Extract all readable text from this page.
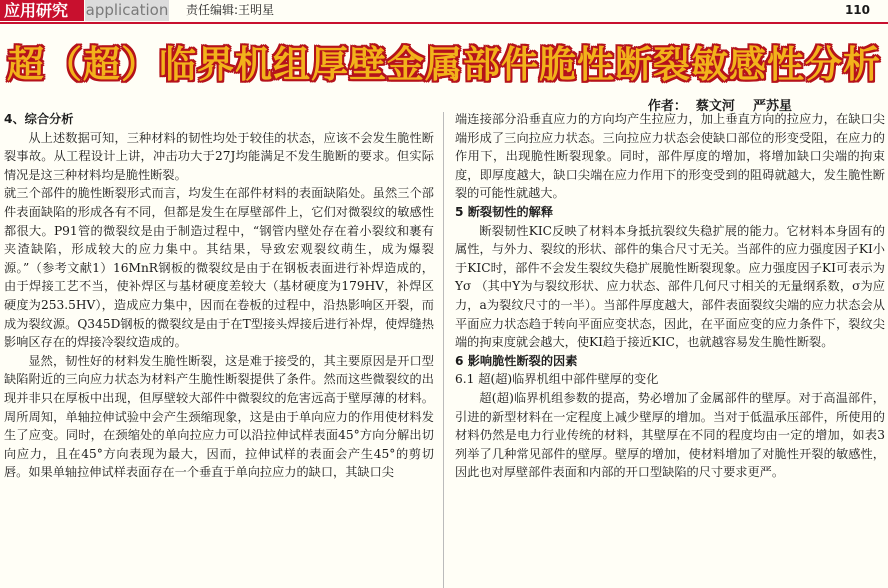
应用研究	application 责任编辑:王明星	110
超（超）临界机组厚壁金属部件脆性断裂敏感性分析
作者：  蔡文河    严苏星
4、综合分析

从上述数据可知，三种材料的韧性均处于较佳的状态，应该不会发生脆性断裂事故。从工程设计上讲，冲击功大于27J均能满足不发生脆断的要求。但实际情况是这三种材料均是脆性断裂。

就三个部件的脆性断裂形式而言，均发生在部件材料的表面缺陷处。虽然三个部件表面缺陷的形成各有不同，但都是发生在厚壁部件上，它们对微裂纹的敏感性都很大。P91管的微裂纹是由于制造过程中，“钢管内壁处存在着小裂纹和裹有夹渣缺陷，形成较大的应力集中。其结果，导致宏观裂纹萌生，成为爆裂源。”（参考文献1）16MnR钢板的微裂纹是由于在钢板表面进行补焊造成的，由于焊接工艺不当，使补焊区与基材硬度差较大（基材硬度为179HV，补焊区硬度为253.5HV），造成应力集中，因而在卷板的过程中，沿热影响区开裂，而成为裂纹源。Q345D钢板的微裂纹是由于在T型接头焊接后进行补焊，使焊缝热影响区存在的焊接冷裂纹造成的。

显然，韧性好的材料发生脆性断裂，这是难于接受的，其主要原因是开口型缺陷附近的三向应力状态为材料产生脆性断裂提供了条件。然而这些微裂纹的出现并非只在厚板中出现，但厚壁较大部件中微裂纹的危害远高于壁厚薄的材料。周所周知，单轴拉伸试验中会产生颈缩现象，这是由于单向应力的作用使材料发生了应变。同时，在颈缩处的单向拉应力可以沿拉伸试样表面45°方向分解出切向应力，且在45°方向表现为最大，因而，拉伸试样的表面会产生45°的剪切唇。如果单轴拉伸试样表面存在一个垂直于单向拉应力的缺口，其缺口尖

端连接部分沿垂直应力的方向均产生拉应力，加上垂直方向的拉应力，在缺口尖端形成了三向拉应力状态。三向拉应力状态会使缺口部位的形变受阻，在应力的作用下，出现脆性断裂现象。同时，部件厚度的增加，将增加缺口尖端的拘束度，即厚度越大，缺口尖端在应力作用下的形变受到的阻碍就越大，发生脆性断裂的可能性就越大。

5 断裂韧性的解释

断裂韧性KIC反映了材料本身抵抗裂纹失稳扩展的能力。它材料本身固有的属性，与外力、裂纹的形状、部件的集合尺寸无关。当部件的应力强度因子KI小于KIC时，部件不会发生裂纹失稳扩展脆性断裂现象。应力强度因子KI可表示为Yσ （其中Y为与裂纹形状、应力状态、部件几何尺寸相关的无量纲系数，σ为应力，a为裂纹尺寸的一半）。当部件厚度越大，部件表面裂纹尖端的应力状态会从平面应力状态趋于转向平面应变状态，因此，在平面应变的应力条件下，裂纹尖端的拘束度就会越大，使KI趋于接近KIC，也就越容易发生脆性断裂。

6 影响脆性断裂的因素
6.1 超(超)临界机组中部件壁厚的变化

超(超)临界机组参数的提高，势必增加了金属部件的壁厚。对于高温部件，引进的新型材料在一定程度上减少壁厚的增加。当对于低温承压部件，所使用的材料仍然是电力行业传统的材料，其壁厚在不同的程度均由一定的增加，如表3列举了几种常见部件的壁厚。壁厚的增加，使材料增加了对脆性开裂的敏感性，因此也对厚壁部件表面和内部的开口型缺陷的尺寸要求更严。
